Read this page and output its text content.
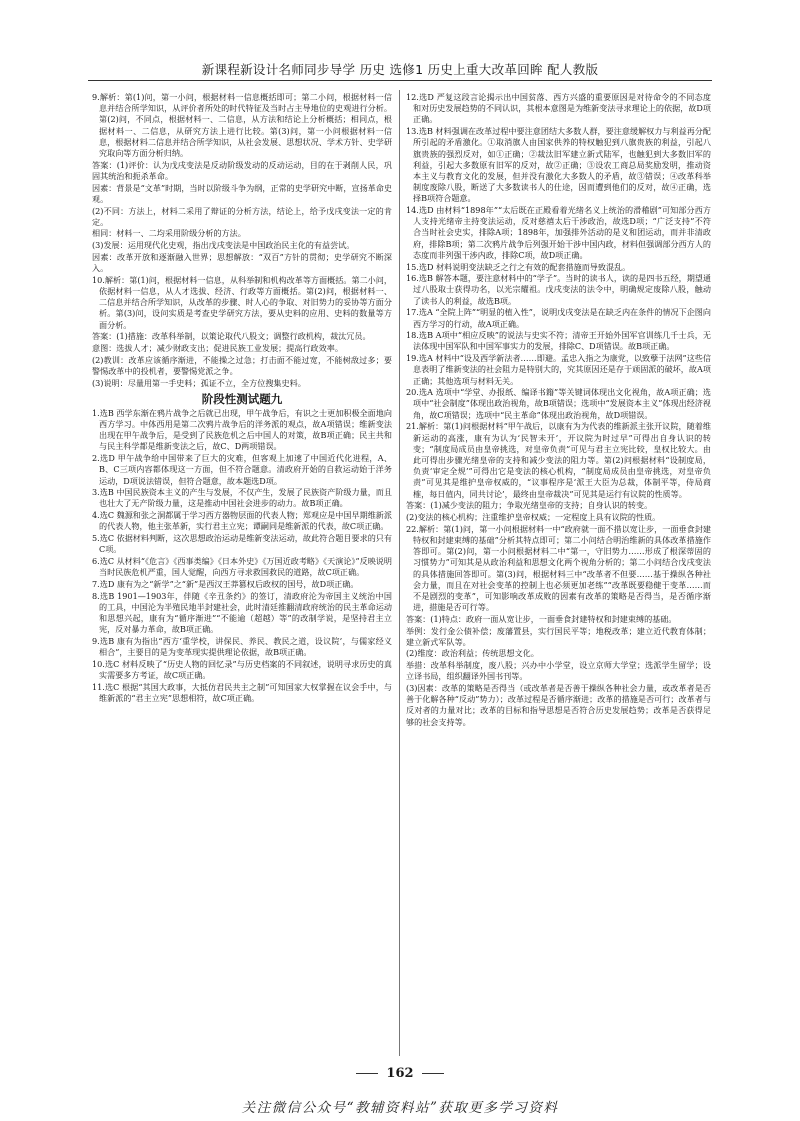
新课程新设计名师同步导学 历史 选修1 历史上重大改革回眸 配人教版
9.解析：第(1)问，第一小问，根据材料一信息概括即可；第二小问，根据材料一信息并结合所学知识，从评价者所处的时代特征及当时占主导地位的史观进行分析。第(2)问，不同点，根据材料一、二信息，从方法和结论上分析概括；相同点，根据材料一、二信息，从研究方法上进行比较。第(3)问，第一小问根据材料一信息，根据材料二信息并结合所学知识，从社会发展、思想状况、学术方针、史学研究取向等方面分析归纳。
答案：(1)评价：认为戊戌变法是反动阶级发动的反动运动，目的在于剥削人民，巩固其统治和扼杀革命。
因素：背景是“文革”时期，当时以阶级斗争为纲，正常的史学研究中断，宣扬革命史观。
(2)不同：方法上，材料二采用了辩证的分析方法，结论上，给予戊戌变法一定的肯定。
相同：材料一、二均采用阶级分析的方法。
(3)发展：运用现代化史观，指出戊戌变法是中国政治民主化的有益尝试。
因素：改革开放和逐渐融入世界；思想解放：“双百”方针的贯彻；史学研究不断深入。
10.解析：第(1)问，根据材料一信息，从科举制和机构改革等方面概括。第二小问，依据材料一信息，从人才选拔、经济、行政等方面概括。第(2)问，根据材料一、二信息并结合所学知识，从改革的步骤、时人心的争取、对旧势力的妥协等方面分析。第(3)问，设问实质是考查史学研究方法，要从史料的应用、史料的数量等方面分析。
答案：(1)措施：改革科举制，以策论取代八股文；调整行政机构，裁汰冗员。
意图：选拔人才；减少财政支出；促进民族工业发展；提高行政效率。
(2)教训：改革应该循序渐进，不能操之过急；打击面不能过宽，不能树敌过多；要警惕改革中的投机者，要警惕党派之争。
(3)说明：尽量用第一手史料；孤证不立，全方位搜集史料。
阶段性测试题九
1.选B 西学东渐在鸦片战争之后就已出现，甲午战争后，有识之士更加积极全面地向西方学习。中体西用是第二次鸦片战争后的洋务派的观点，故A项错误；维新变法出现在甲午战争后，是受到了民族危机之后中国人的对策，故B项正确；民主共和与民主科学都是维新变法之后，故C、D两项错误。
2.选D 甲午战争给中国带来了巨大的灾难，但客观上加速了中国近代化进程，A、B、C三项内容都体现这一方面，但不符合题意。清政府开始的自救运动始于洋务运动，D项说法错误，但符合题意，故本题选D项。
3.选B 中国民族资本主义的产生与发展，不仅产生，发展了民族资产阶级力量，而且也壮大了无产阶级力量，这是推动中国社会进步的动力。故B项正确。
4.选C 魏源和张之洞都属于学习西方器物层面的代表人物；郑观应是中国早期维新派的代表人物，他主张革新，实行君主立宪；谭嗣同是维新派的代表，故C项正确。
5.选C 依据材料判断，这次思想政治运动是维新变法运动，故此符合题目要求的只有C项。
6.选C 从材料“《危言》《西事类编》《日本外史》《万国近政考略》《天演论》”反映说明当时民族危机严重，国人觉醒，向西方寻求救国救民的道路，故C项正确。
7.选D 康有为之“新学”之“新”是西汉王莽篡权后政权的国号，故D项正确。
8.选B 1901—1903年，伴随《辛丑条约》的签订，清政府沦为帝国主义统治中国的工具，中国沦为半殖民地半封建社会，此时清廷推翻清政府统治的民主革命运动和思想兴起，康有为“循序渐进”“不能逾（超越）等”的改制学说，是坚持君主立宪，反对暴力革命，故B项正确。
9.选B 康有为指出“西方‘重学校，讲保民、养民、教民之道，设议院’，与儒家经义相合”，主要目的是为变革现实提供理论依据，故B项正确。
10.选C 材料反映了“历史人物的回忆录”与历史档案的不同叙述，说明寻求历史的真实需要多方考证，故C项正确。
11.选C 根据“其国大政事，大抵仿君民共主之制”可知国家大权掌握在议会手中，与维新派的“君主立宪”思想相符，故C项正确。
12.选D 严复这段言论揭示出中国贫落、西方兴盛的重要原因是对待命令的不同态度和对历史发展趋势的不同认识，其根本意图是为维新变法寻求理论上的依据，故D项正确。
13.选B 材料强调在改革过程中要注意团结大多数人群，要注意缓解权力与利益再分配所引起的矛盾激化。①取消旗人由国家供养的特权触犯到八旗贵族的利益，引起八旗贵族的强烈反对，如①正确；②裁汰旧军建立新式陆军，也触犯到大多数旧军的利益，引起大多数原有旧军的反对，故②正确；③设农工商总局奖励发明，推动资本主义与教育文化的发展，但并没有激化大多数人的矛盾，故③错误；④改革科举制度废除八股，断送了大多数读书人的仕途，因而遭到他们的反对，故④正确，选择B项符合题意。
14.选D 由材料“1898年”“太后既在正殿看着光绪名义上统治的滑稽剧”可知部分西方人支持光绪帝主持变法运动，反对慈禧太后干涉政治，故选D项；“广泛支持”不符合当时社会史实，排除A项；1898年，加强排外活动的是义和团运动，而并非清政府，排除B项；第二次鸦片战争后列强开始干涉中国内政，材料但强调部分西方人的态度而非列强干涉内政，排除C项，故D项正确。
15.选D 材料说明变法缺乏之行之有效的配套措施而导致混乱。
16.选B 解答本题，要注意材料中的“学子”。当时的读书人，读的是四书五经，期望通过八股取士获得功名，以光宗耀祖。戊戌变法的法令中，明确规定废除八股，触动了读书人的利益，故选B项。
17.选A “全院上阵”“明显的植入性”，说明戊戌变法是在缺乏内在条件的情况下企图向西方学习的行动，故A项正确。
18.选B A项中“相应反映”的说法与史实不符；清帝王开始外国军官训练几千士兵，无法体现中国军队和中国军事实力的发展，排除C、D项错误。故B项正确。
19.选A 材料中“设及西学新法者……即避。孟忠入指之为康党，以致孽于法网”这些信息表明了维新变法的社会阻力是特别大的，究其原因还是存于顽固派的破坏，故A项正确；其他选项与材料无关。
20.选A 选项中“学堂、办报纸、编译书籍”等关键词体现出文化视角，故A项正确；选项中“社会制度”体现出政治视角，故B项错误；选项中“发展资本主义”体现出经济视角，故C项错误；选项中“民主革命”体现出政治视角，故D项错误。
21.解析：第(1)问根据材料“甲午战后，以康有为为代表的维新派主张开议院，随着维新运动的高涨，康有为认为‘民智未开’，开议院为时过早”可得出自身认识的转变；“制度局成员由皇帝挑选，对皇帝负责”可见与君主立宪比较，皇权比较大。由此可得出步骤光绪皇帝的支持和减少变法的阻力等。第(2)问根据材料“设制度局，负责‘审定全规’”可得出它是变法的核心机构，“制度局成员由皇帝挑选，对皇帝负责”可见其是维护皇帝权威的，“议事程序是‘派王大臣为总裁，体制平等，侍局商榷，每日值内，同共讨论’，最终由皇帝裁决”可见其是运行有议院的性质等。
答案：(1)减少变法的阻力；争取光绪皇帝的支持；自身认识的转变。
(2)变法的核心机构；注重维护皇帝权威；一定程度上具有议院的性质。
22.解析：第(1)问，第一小问根据材料一中“政府就一面不措以宽让步，一面垂食封建特权和封建束缚的基础”分析其特点即可；第二小问结合明治维新的具体改革措施作答即可。第(2)问，第一小问根据材料二中“第一，守旧势力……形成了根深蒂固的习惯势力”可知其是从政治利益和思想文化两个视角分析的；第二小问结合戊戌变法的具体措施回答即可。第(3)问，根据材料三中“改革者不但要……基于操纵各种社会力量，而且在对社会变革的控制上也必须更加老练”“改革既要稳健于变革……而不是剧烈的变革”，可知影响改革成败的因素有改革的策略是否得当，是否循序渐进，措施是否可行等。
答案：(1)特点：政府一面从宽让步，一面垂食封建特权和封建束缚的基础。
举例：发行金公债补偿；废藩置县，实行国民平等；地税改革；建立近代教育体制；建立新式军队等。
(2)维度：政治利益；传统思想文化。
举措：改革科举制度，废八股；兴办中小学堂，设立京师大学堂；选派学生留学；设立译书局，组织翻译外国书刊等。
(3)因素：改革的策略是否得当（或改革者是否善于操纵各种社会力量，或改革者是否善于化解各种“反动”势力）；改革过程是否循序渐进；改革的措施是否可行；改革者与反对者的力量对比；改革的目标和指导思想是否符合历史发展趋势；改革是否获得足够的社会支持等。
162
关注微信公众号“教辅资料站”获取更多学习资料
